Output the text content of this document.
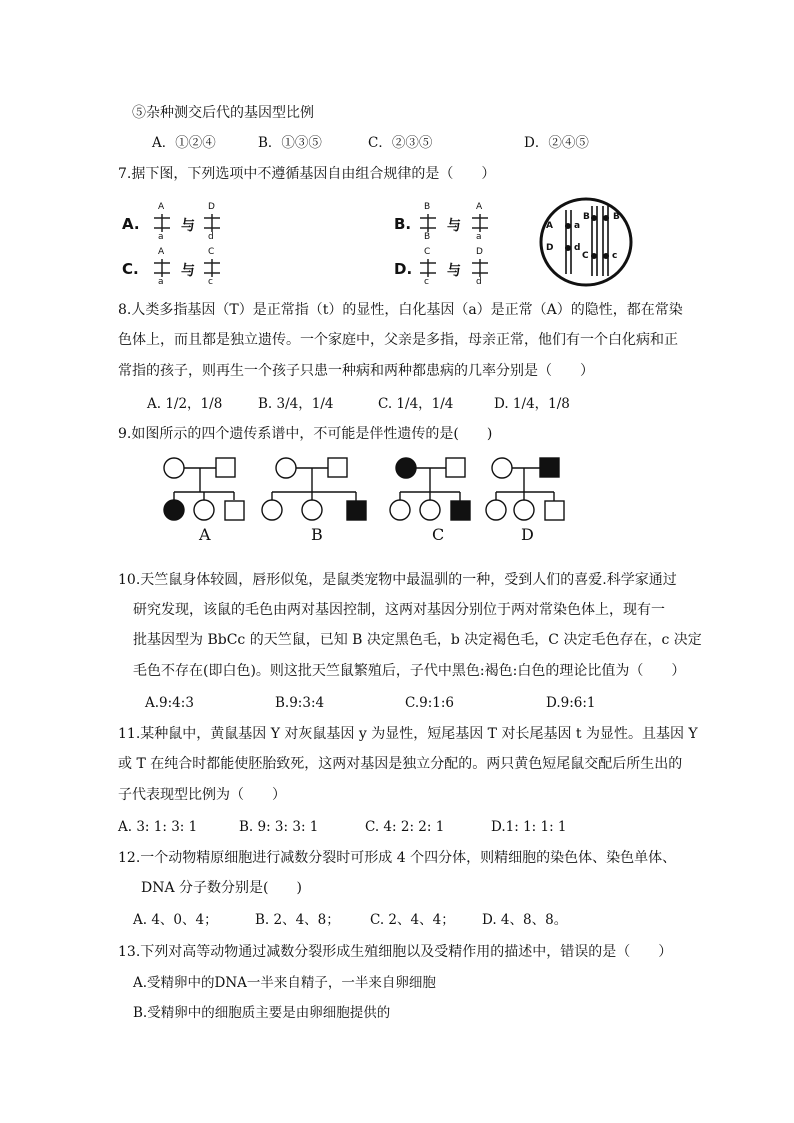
⑤杂种测交后代的基因型比例
A．①②④	B．①③⑤	C．②③⑤	D．②④⑤
7.据下图，下列选项中不遵循基因自由组合规律的是（　　）
A.
A
a
与
D
d
C.
A
a
与
C
c
B.
B
B
与
A
a
D.
C
c
与
D
d
A a
D d
B	B
C	c
8.人类多指基因（T）是正常指（t）的显性，白化基因（a）是正常（A）的隐性，都在常染
色体上，而且都是独立遗传。一个家庭中，父亲是多指，母亲正常，他们有一个白化病和正
常指的孩子，则再生一个孩子只患一种病和两种都患病的几率分别是（　　）
A. 1/2，1/8	B. 3/4，1/4	C. 1/4，1/4	D. 1/4，1/8
9.如图所示的四个遗传系谱中，不可能是伴性遗传的是(　　)
A	B	C	D
10.天竺鼠身体较圆，唇形似兔，是鼠类宠物中最温驯的一种，受到人们的喜爱.科学家通过
研究发现，该鼠的毛色由两对基因控制，这两对基因分别位于两对常染色体上，现有一
批基因型为 BbCc 的天竺鼠，已知 B 决定黑色毛，b 决定褐色毛，C 决定毛色存在，c 决定
毛色不存在(即白色)。则这批天竺鼠繁殖后，子代中黑色:褐色:白色的理论比值为（　　）
A.9:4:3	B.9:3:4	C.9:1:6	D.9:6:1
11.某种鼠中，黄鼠基因 Y 对灰鼠基因 y 为显性，短尾基因 T 对长尾基因 t 为显性。且基因 Y
或 T 在纯合时都能使胚胎致死，这两对基因是独立分配的。两只黄色短尾鼠交配后所生出的
子代表现型比例为（　　）
A. 3: 1: 3: 1	B. 9: 3: 3: 1	C. 4: 2: 2: 1	D.1: 1: 1: 1
12.一个动物精原细胞进行减数分裂时可形成 4 个四分体，则精细胞的染色体、染色单体、
DNA 分子数分别是(　　)
A. 4、0、4；	B. 2、4、8； C. 2、4、4； D. 4、8、8。
13.下列对高等动物通过减数分裂形成生殖细胞以及受精作用的描述中，错误的是（　　）
A.受精卵中的DNA一半来自精子，一半来自卵细胞
B.受精卵中的细胞质主要是由卵细胞提供的
